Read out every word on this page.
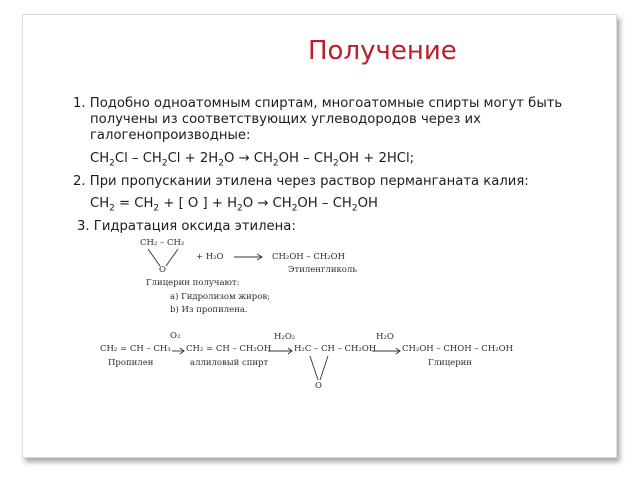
Получение
1. Подобно одноатомным спиртам, многоатомные спирты могут быть
получены из соответствующих углеводородов через их
галогенопроизводные:
$CH_2Cl - CH_2Cl + 2H_2O \to CH_2OH - CH_2OH + 2HCl$;
2. При пропускании этилена через раствор перманганата калия:
$CH_2 = CH_2$ + [ O ] + $H_2O \to CH_2OH - CH_2OH$
3. Гидратация оксида этилена:
CH₂ – CH₂
O
+ H₂O	CH₂OH – CH₂OH
Этиленгликоль
Глицерин получают:
a) Гидролизом жиров;
b) Из пропилена.
CH₂ = CH – CH₃
Пропилен
O₂
CH₂ = CH – CH₂OH
аллиловый спирт
H₂O₂
H₂C – CH – CH₂OH
O
H₂O
CH₂OH – CHOH – CH₂OH
Глицерин
